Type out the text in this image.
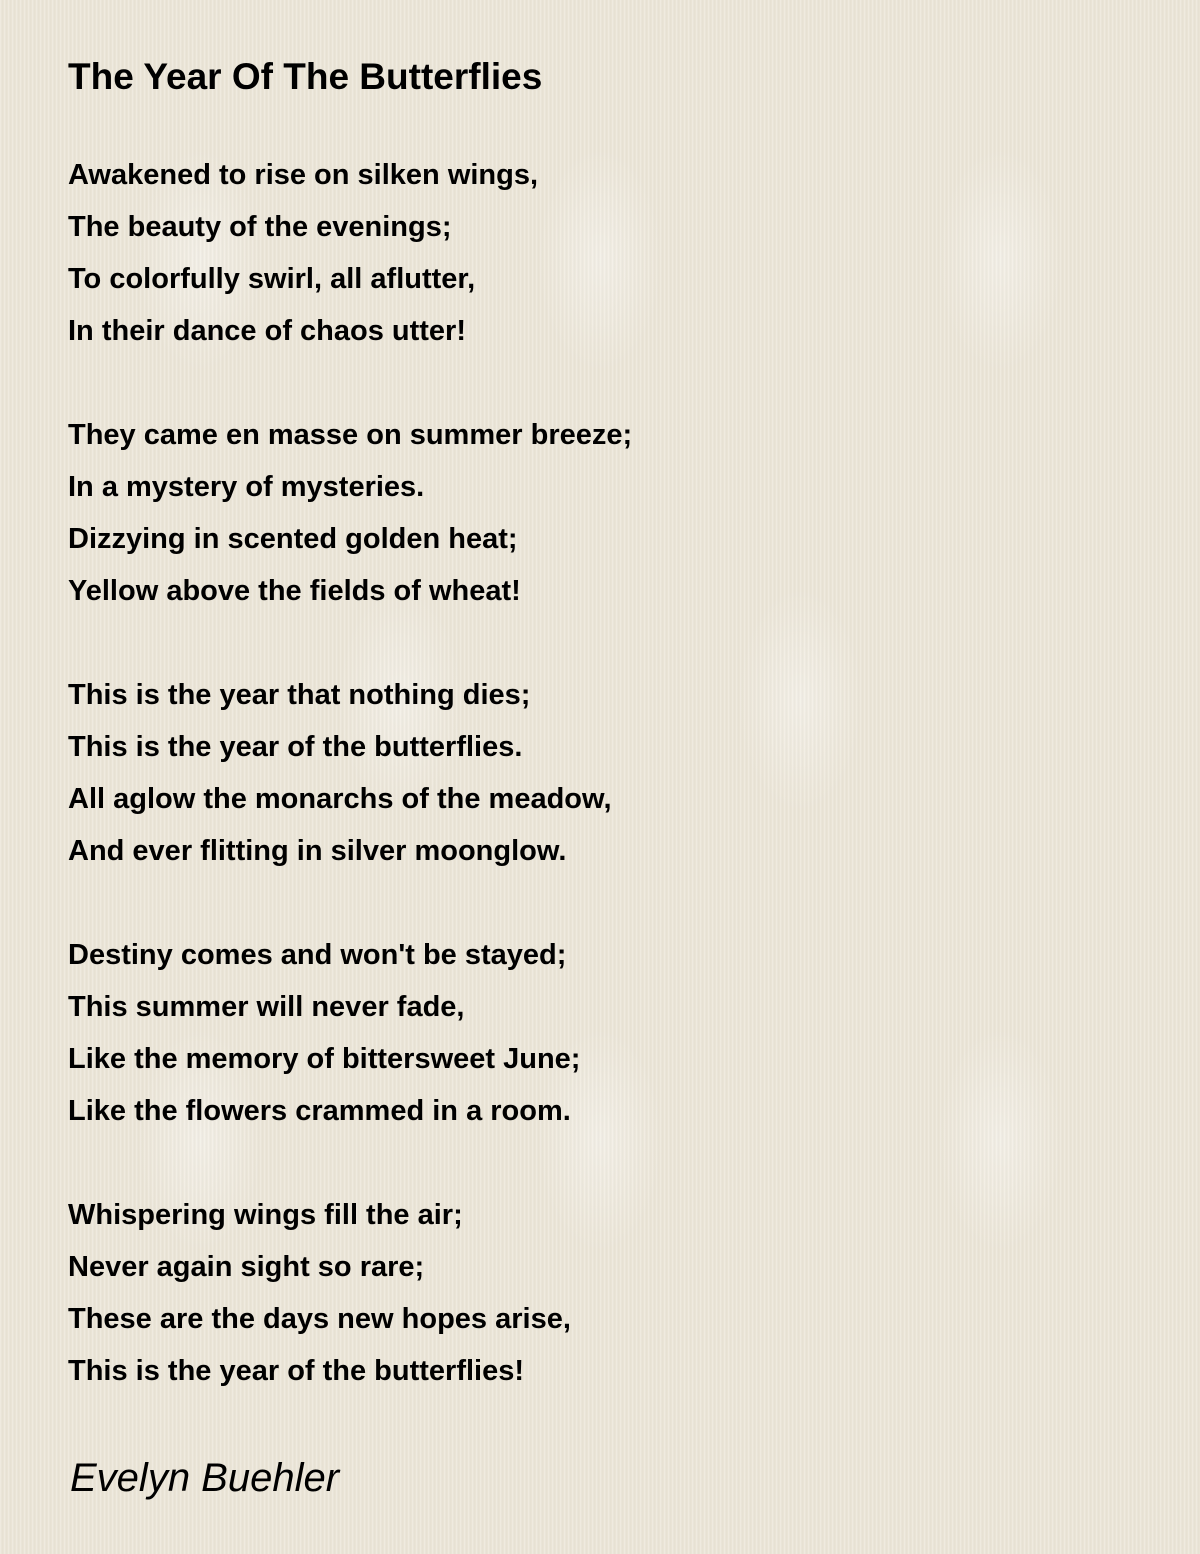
The Year Of The Butterflies
Awakened to rise on silken wings,
The beauty of the evenings;
To colorfully swirl, all aflutter,
In their dance of chaos utter!
They came en masse on summer breeze;
In a mystery of mysteries.
Dizzying in scented golden heat;
Yellow above the fields of wheat!
This is the year that nothing dies;
This is the year of the butterflies.
All aglow the monarchs of the meadow,
And ever flitting in silver moonglow.
Destiny comes and won't be stayed;
This summer will never fade,
Like the memory of bittersweet June;
Like the flowers crammed in a room.
Whispering wings fill the air;
Never again sight so rare;
These are the days new hopes arise,
This is the year of the butterflies!
Evelyn Buehler
